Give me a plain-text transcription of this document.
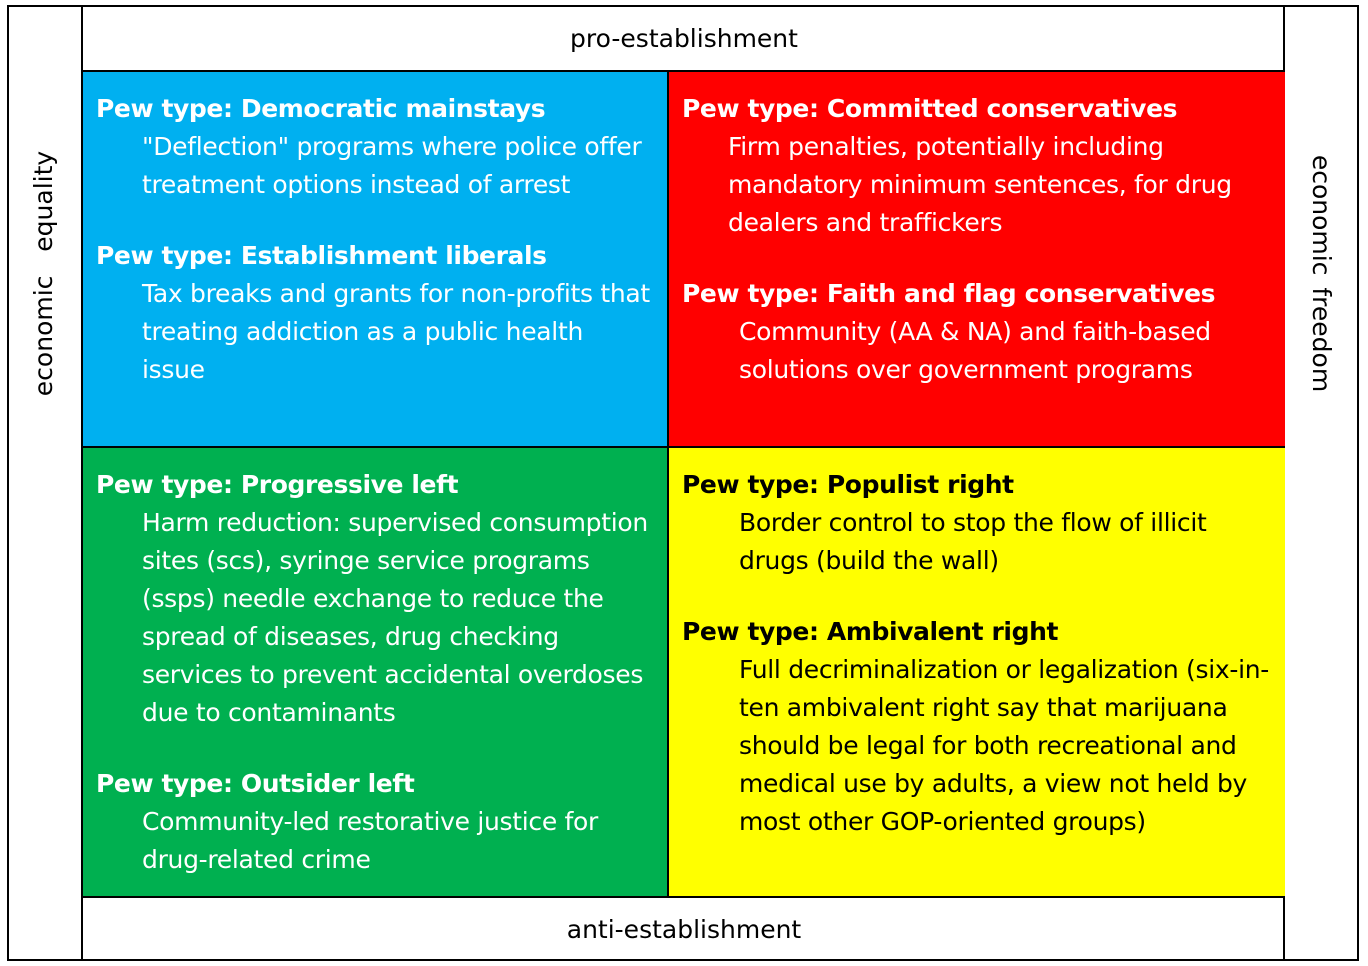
pro-establishment
economic  equality	economic freedom
Pew type: Democratic mainstays
"Deflection" programs where police offer treatment options instead of arrest
Pew type: Establishment liberals
Tax breaks and grants for non-profits that treating addiction as a public health issue
Pew type: Committed conservatives
Firm penalties, potentially including mandatory minimum sentences, for drug dealers and traffickers
Pew type: Faith and flag conservatives
Community (AA & NA) and faith-based solutions over government programs
Pew type: Progressive left
Harm reduction: supervised consumption sites (scs), syringe service programs (ssps) needle exchange to reduce the spread of diseases, drug checking services to prevent accidental overdoses due to contaminants
Pew type: Outsider left
Community-led restorative justice for drug-related crime
Pew type: Populist right
Border control to stop the flow of illicit drugs (build the wall)
Pew type: Ambivalent right
Full decriminalization or legalization (six-in-ten ambivalent right say that marijuana should be legal for both recreational and medical use by adults, a view not held by most other GOP-oriented groups)
anti-establishment
